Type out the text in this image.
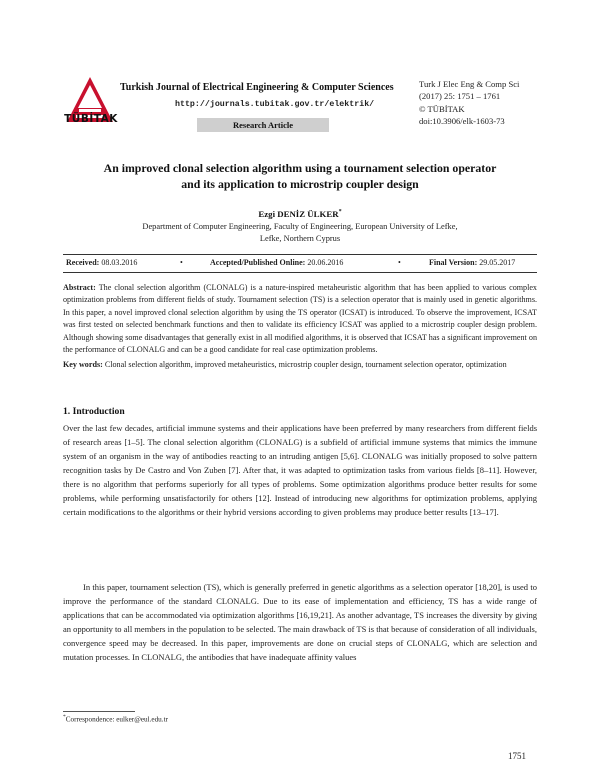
TÜBİTAK
Turkish Journal of Electrical Engineering & Computer Sciences
http://journals.tubitak.gov.tr/elektrik/
Research Article
Turk J Elec Eng & Comp Sci
(2017) 25: 1751 – 1761
© TÜBİTAK
doi:10.3906/elk-1603-73
An improved clonal selection algorithm using a tournament selection operator
and its application to microstrip coupler design
Ezgi DENİZ ÜLKER*
Department of Computer Engineering, Faculty of Engineering, European University of Lefke,
Lefke, Northern Cyprus
Received: 08.03.2016	•	Accepted/Published Online: 20.06.2016	•	Final Version: 29.05.2017
Abstract: The clonal selection algorithm (CLONALG) is a nature-inspired metaheuristic algorithm that has been applied to various complex optimization problems from different fields of study. Tournament selection (TS) is a selection operator that is mainly used in genetic algorithms. In this paper, a novel improved clonal selection algorithm by using the TS operator (ICSAT) is introduced. To observe the improvement, ICSAT was first tested on selected benchmark functions and then to validate its efficiency ICSAT was applied to a microstrip coupler design problem. Although showing some disadvantages that generally exist in all modified algorithms, it is observed that ICSAT has a significant improvement on the performance of CLONALG and can be a good candidate for real case optimization problems.
Key words: Clonal selection algorithm, improved metaheuristics, microstrip coupler design, tournament selection operator, optimization
1. Introduction
Over the last few decades, artificial immune systems and their applications have been preferred by many researchers from different fields of research areas [1–5]. The clonal selection algorithm (CLONALG) is a subfield of artificial immune systems that mimics the immune system of an organism in the way of antibodies reacting to an intruding antigen [5,6]. CLONALG was initially proposed to solve pattern recognition tasks by De Castro and Von Zuben [7]. After that, it was adapted to optimization tasks from various fields [8–11]. However, there is no algorithm that performs superiorly for all types of problems. Some optimization algorithms produce better results for some problems, while performing unsatisfactorily for others [12]. Instead of introducing new algorithms for optimization problems, applying certain modifications to the algorithms or their hybrid versions according to given problems may produce better results [13–17].
In this paper, tournament selection (TS), which is generally preferred in genetic algorithms as a selection operator [18,20], is used to improve the performance of the standard CLONALG. Due to its ease of implementation and efficiency, TS has a wide range of applications that can be accommodated via optimization algorithms [16,19,21]. As another advantage, TS increases the diversity by giving an opportunity to all members in the population to be selected. The main drawback of TS is that because of consideration of all individuals, convergence speed may be decreased. In this paper, improvements are done on crucial steps of CLONALG, which are selection and mutation processes. In CLONALG, the antibodies that have inadequate affinity values
*Correspondence: eulker@eul.edu.tr
1751
